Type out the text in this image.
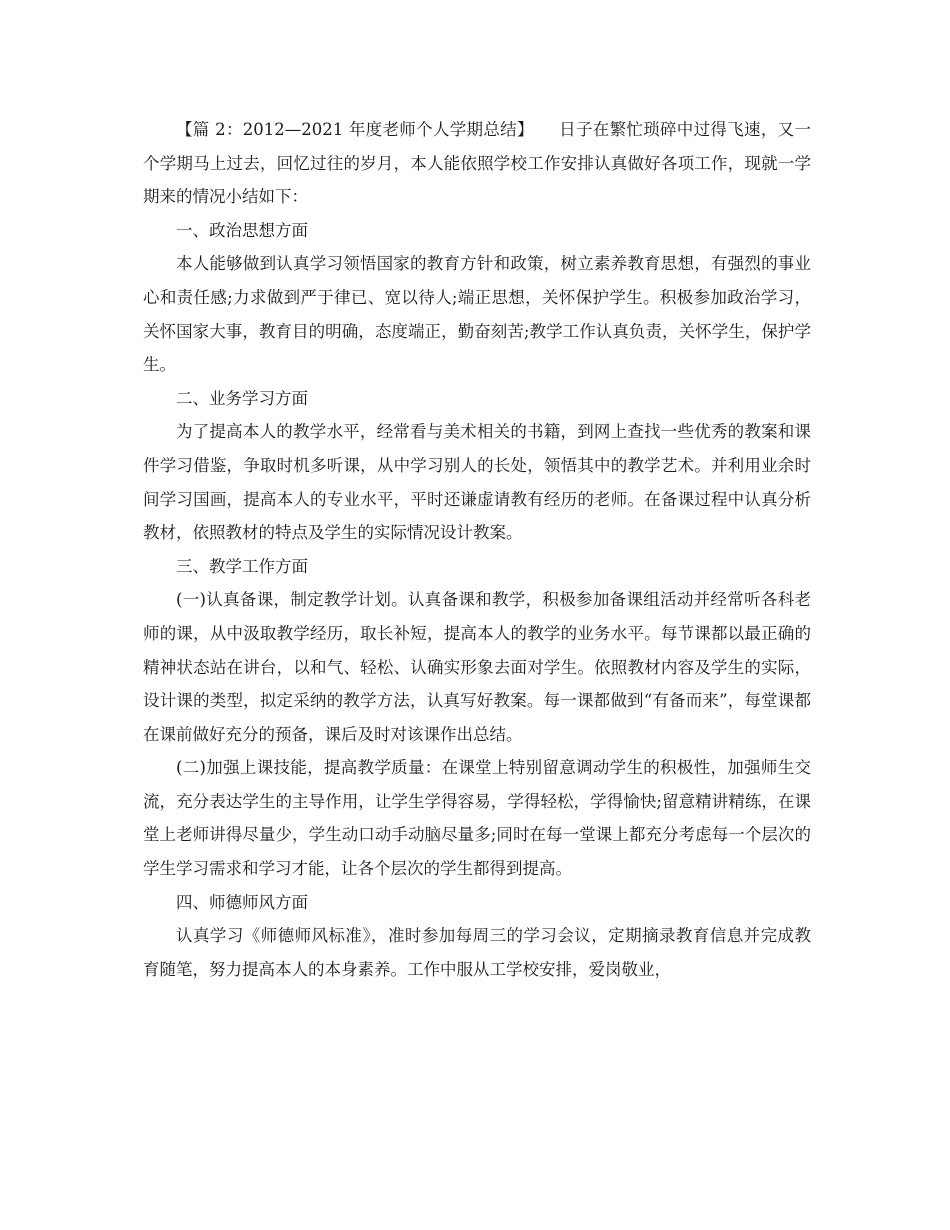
【篇 2：2012—2021 年度老师个人学期总结】　　日子在繁忙琐碎中过得飞速，又一个学期马上过去，回忆过往的岁月，本人能依照学校工作安排认真做好各项工作，现就一学期来的情况小结如下：

一、政治思想方面

本人能够做到认真学习领悟国家的教育方针和政策，树立素养教育思想，有强烈的事业心和责任感;力求做到严于律已、宽以待人;端正思想，关怀保护学生。积极参加政治学习，关怀国家大事，教育目的明确，态度端正，勤奋刻苦;教学工作认真负责，关怀学生，保护学生。

二、业务学习方面

为了提高本人的教学水平，经常看与美术相关的书籍，到网上查找一些优秀的教案和课件学习借鉴，争取时机多听课，从中学习别人的长处，领悟其中的教学艺术。并利用业余时间学习国画，提高本人的专业水平，平时还谦虚请教有经历的老师。在备课过程中认真分析教材，依照教材的特点及学生的实际情况设计教案。

三、教学工作方面

(一)认真备课，制定教学计划。认真备课和教学，积极参加备课组活动并经常听各科老师的课，从中汲取教学经历，取长补短，提高本人的教学的业务水平。每节课都以最正确的精神状态站在讲台，以和气、轻松、认确实形象去面对学生。依照教材内容及学生的实际，设计课的类型，拟定采纳的教学方法，认真写好教案。每一课都做到“有备而来”，每堂课都在课前做好充分的预备，课后及时对该课作出总结。

(二)加强上课技能，提高教学质量：在课堂上特别留意调动学生的积极性，加强师生交流，充分表达学生的主导作用，让学生学得容易，学得轻松，学得愉快;留意精讲精练，在课堂上老师讲得尽量少，学生动口动手动脑尽量多;同时在每一堂课上都充分考虑每一个层次的学生学习需求和学习才能，让各个层次的学生都得到提高。

四、师德师风方面

认真学习《师德师风标准》，准时参加每周三的学习会议，定期摘录教育信息并完成教育随笔，努力提高本人的本身素养。工作中服从工学校安排，爱岗敬业，
